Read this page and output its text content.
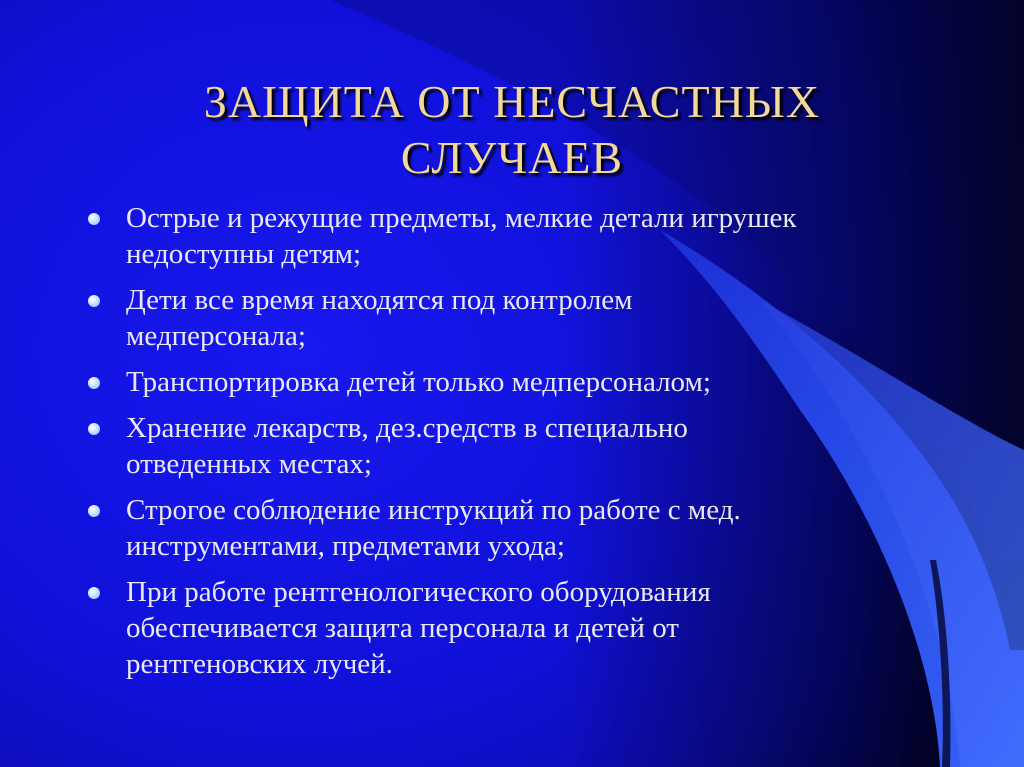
ЗАЩИТА ОТ НЕСЧАСТНЫХ
СЛУЧАЕВ
Острые и режущие предметы, мелкие детали игрушек
недоступны детям;
Дети все время находятся под контролем
медперсонала;
Транспортировка детей только медперсоналом;
Хранение лекарств, дез.средств в специально
отведенных местах;
Строгое соблюдение инструкций по работе с мед.
инструментами, предметами ухода;
При работе рентгенологического оборудования
обеспечивается защита персонала и детей от
рентгеновских лучей.
